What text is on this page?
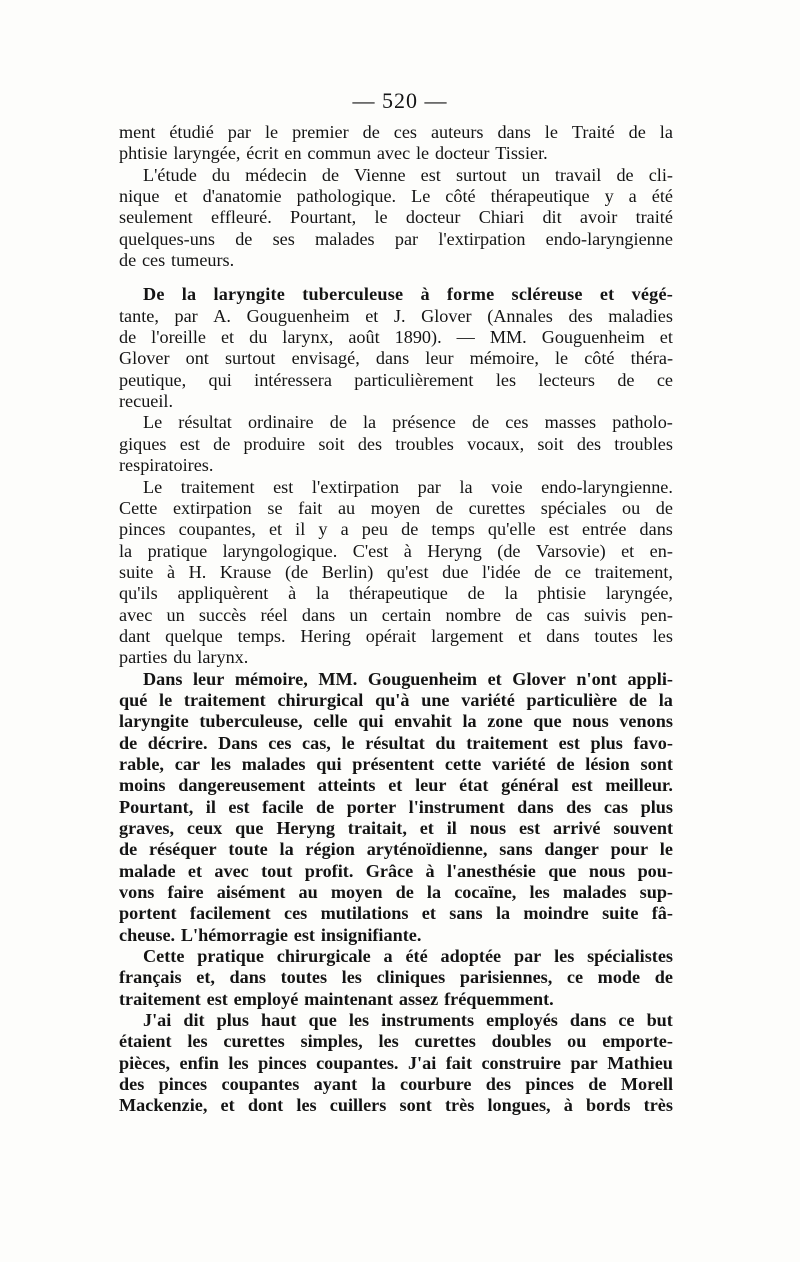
— 520 —
ment étudié par le premier de ces auteurs dans le Traité de la
phtisie laryngée, écrit en commun avec le docteur Tissier.
L'étude du médecin de Vienne est surtout un travail de cli-
nique et d'anatomie pathologique. Le côté thérapeutique y a été
seulement effleuré. Pourtant, le docteur Chiari dit avoir traité
quelques-uns de ses malades par l'extirpation endo-laryngienne
de ces tumeurs.
De la laryngite tuberculeuse à forme scléreuse et végé-
tante, par A. Gouguenheim et J. Glover (Annales des maladies
de l'oreille et du larynx, août 1890). — MM. Gouguenheim et
Glover ont surtout envisagé, dans leur mémoire, le côté théra-
peutique, qui intéressera particulièrement les lecteurs de ce
recueil.
Le résultat ordinaire de la présence de ces masses patholo-
giques est de produire soit des troubles vocaux, soit des troubles
respiratoires.
Le traitement est l'extirpation par la voie endo-laryngienne.
Cette extirpation se fait au moyen de curettes spéciales ou de
pinces coupantes, et il y a peu de temps qu'elle est entrée dans
la pratique laryngologique. C'est à Heryng (de Varsovie) et en-
suite à H. Krause (de Berlin) qu'est due l'idée de ce traitement,
qu'ils appliquèrent à la thérapeutique de la phtisie laryngée,
avec un succès réel dans un certain nombre de cas suivis pen-
dant quelque temps. Hering opérait largement et dans toutes les
parties du larynx.
Dans leur mémoire, MM. Gouguenheim et Glover n'ont appli-
qué le traitement chirurgical qu'à une variété particulière de la
laryngite tuberculeuse, celle qui envahit la zone que nous venons
de décrire. Dans ces cas, le résultat du traitement est plus favo-
rable, car les malades qui présentent cette variété de lésion sont
moins dangereusement atteints et leur état général est meilleur.
Pourtant, il est facile de porter l'instrument dans des cas plus
graves, ceux que Heryng traitait, et il nous est arrivé souvent
de réséquer toute la région aryténoïdienne, sans danger pour le
malade et avec tout profit. Grâce à l'anesthésie que nous pou-
vons faire aisément au moyen de la cocaïne, les malades sup-
portent facilement ces mutilations et sans la moindre suite fâ-
cheuse. L'hémorragie est insignifiante.
Cette pratique chirurgicale a été adoptée par les spécialistes
français et, dans toutes les cliniques parisiennes, ce mode de
traitement est employé maintenant assez fréquemment.
J'ai dit plus haut que les instruments employés dans ce but
étaient les curettes simples, les curettes doubles ou emporte-
pièces, enfin les pinces coupantes. J'ai fait construire par Mathieu
des pinces coupantes ayant la courbure des pinces de Morell
Mackenzie, et dont les cuillers sont très longues, à bords très
